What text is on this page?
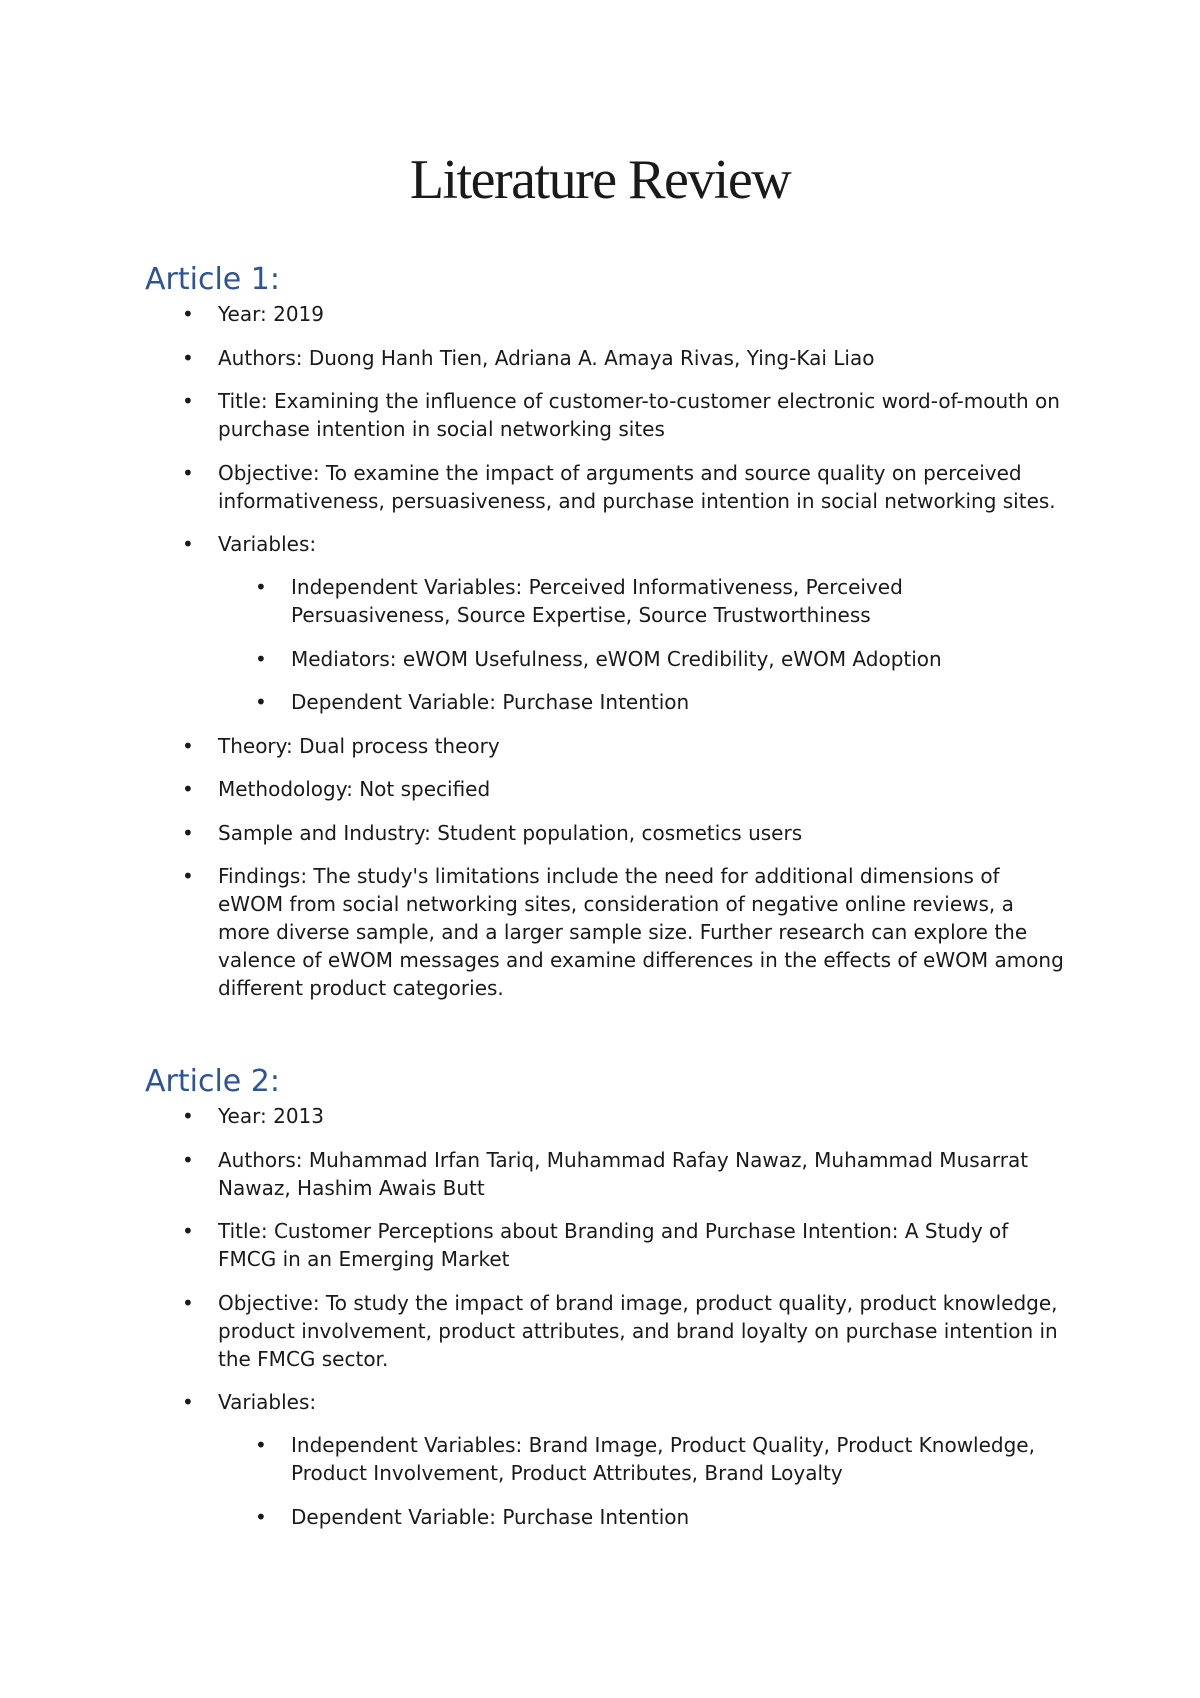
Literature Review
Article 1:
• Year: 2019
• Authors: Duong Hanh Tien, Adriana A. Amaya Rivas, Ying-Kai Liao
• Title: Examining the influence of customer-to-customer electronic word-of-mouth on purchase intention in social networking sites
• Objective: To examine the impact of arguments and source quality on perceived informativeness, persuasiveness, and purchase intention in social networking sites.
• Variables:
• Independent Variables: Perceived Informativeness, Perceived Persuasiveness, Source Expertise, Source Trustworthiness
• Mediators: eWOM Usefulness, eWOM Credibility, eWOM Adoption
• Dependent Variable: Purchase Intention
• Theory: Dual process theory
• Methodology: Not specified
• Sample and Industry: Student population, cosmetics users
• Findings: The study's limitations include the need for additional dimensions of eWOM from social networking sites, consideration of negative online reviews, a more diverse sample, and a larger sample size. Further research can explore the valence of eWOM messages and examine differences in the effects of eWOM among different product categories.
Article 2:
• Year: 2013
• Authors: Muhammad Irfan Tariq, Muhammad Rafay Nawaz, Muhammad Musarrat Nawaz, Hashim Awais Butt
• Title: Customer Perceptions about Branding and Purchase Intention: A Study of FMCG in an Emerging Market
• Objective: To study the impact of brand image, product quality, product knowledge, product involvement, product attributes, and brand loyalty on purchase intention in the FMCG sector.
• Variables:
• Independent Variables: Brand Image, Product Quality, Product Knowledge, Product Involvement, Product Attributes, Brand Loyalty
• Dependent Variable: Purchase Intention
